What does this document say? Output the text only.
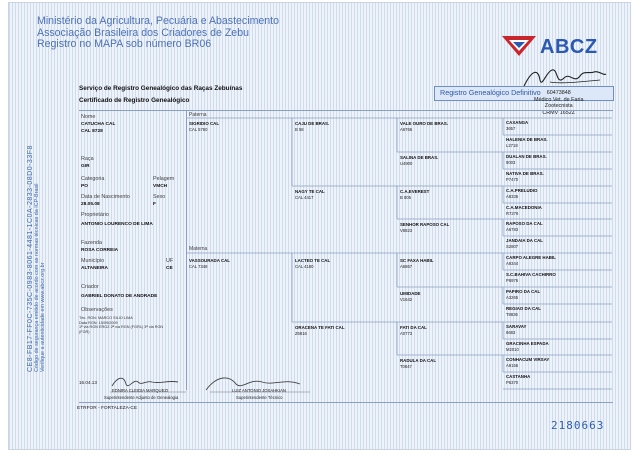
Ministério da Agricultura, Pecuária e Abastecimento
Associação Brasileira dos Criadores de Zebu
Registro no MAPA sob número BR06	ABCZ
CE8-FB17-FF0C-735C-0983-8061-4481-1C0A-2833-08D0-33F8 Código de segurança emitido de acordo com as normas técnicas da ICP-Brasil Verifique a autenticidade em www.abcz.org.br
Serviço de Registro Genealógico das Raças Zebuínas
Certificado de Registro Genealógico
Registro Genealógico Definitivo	60473848
Médico Vet. de Faria
Zootecnista
CRMV 1652Z
Nome
CATUCHA CAL
CAL 8728
Raça
GIR
Categoria	Pelagem
PO	VMCH
Data de Nascimento	Sexo
28.05.08	F
Proprietário
ANTONIO LOURENCO DE LIMA
Fazenda
ROSA CORREIA
Município	UF
ALTANEIRA	CE
Criador
GABRIEL DONATO DE ANDRADE
Observações
Téc. RGN: MARCO SILIO LIMA
Data RGN: 15/09/2009
1ª via RGN ERGZ 2ª via RGN (FGRL) 3ª via RGN
(FGR)
Paterna
Materna
SIGRIDIO CAL
CAL 5760
VASSOURADA CAL
CAL 7348
CAJU DE BRAS.
B 58
NAGY TE CAL
CAL 4417
LACTEO TE CAL
CAL 4180
ORACENA TE FATI CAL
Z6816
VALE OURO DE BRAS.
A6766
SALINA DE BRAS.
U4900
C.A.EVEREST
B 805
SENHOR RAPOSO CAL
V8823
SC FAXA HABIL
A6867
UMIDADE
V1642
FATI DA CAL
A0773
RADULA DA CAL
T0847
CAXANGA
3657
HALENIA DE BRAS.
L2718
DUALAN DE BRAS.
9003
NATIVA DE BRAS.
P7470
C.A.PRELUDIO
A8336
C.A.MACEDONIA
R7276
RAPOSO DA CAL
A6783
JANDAIA DA CAL
S2807
CARPO ALEGRE HABIL
A9344
S.C.BAHIVA CACHIRRO
P6976
PAPIRO DA CAL
A3265
REGIAO DA CAL
T8836
SARAVAY
6683
GRACINHA ESPADA
M2010
CONHACUM VIRSAY
A9156
CASTANHA
P6370
16.04.13
EDNIRA CLEIDIA MARQUEZI
Superintendente Adjunto de Genealogia
LUIZ ANTONIO JOSAHKIAN
Superintendente Técnico
ETRFOR - FORTALEZA-CE
2180663
